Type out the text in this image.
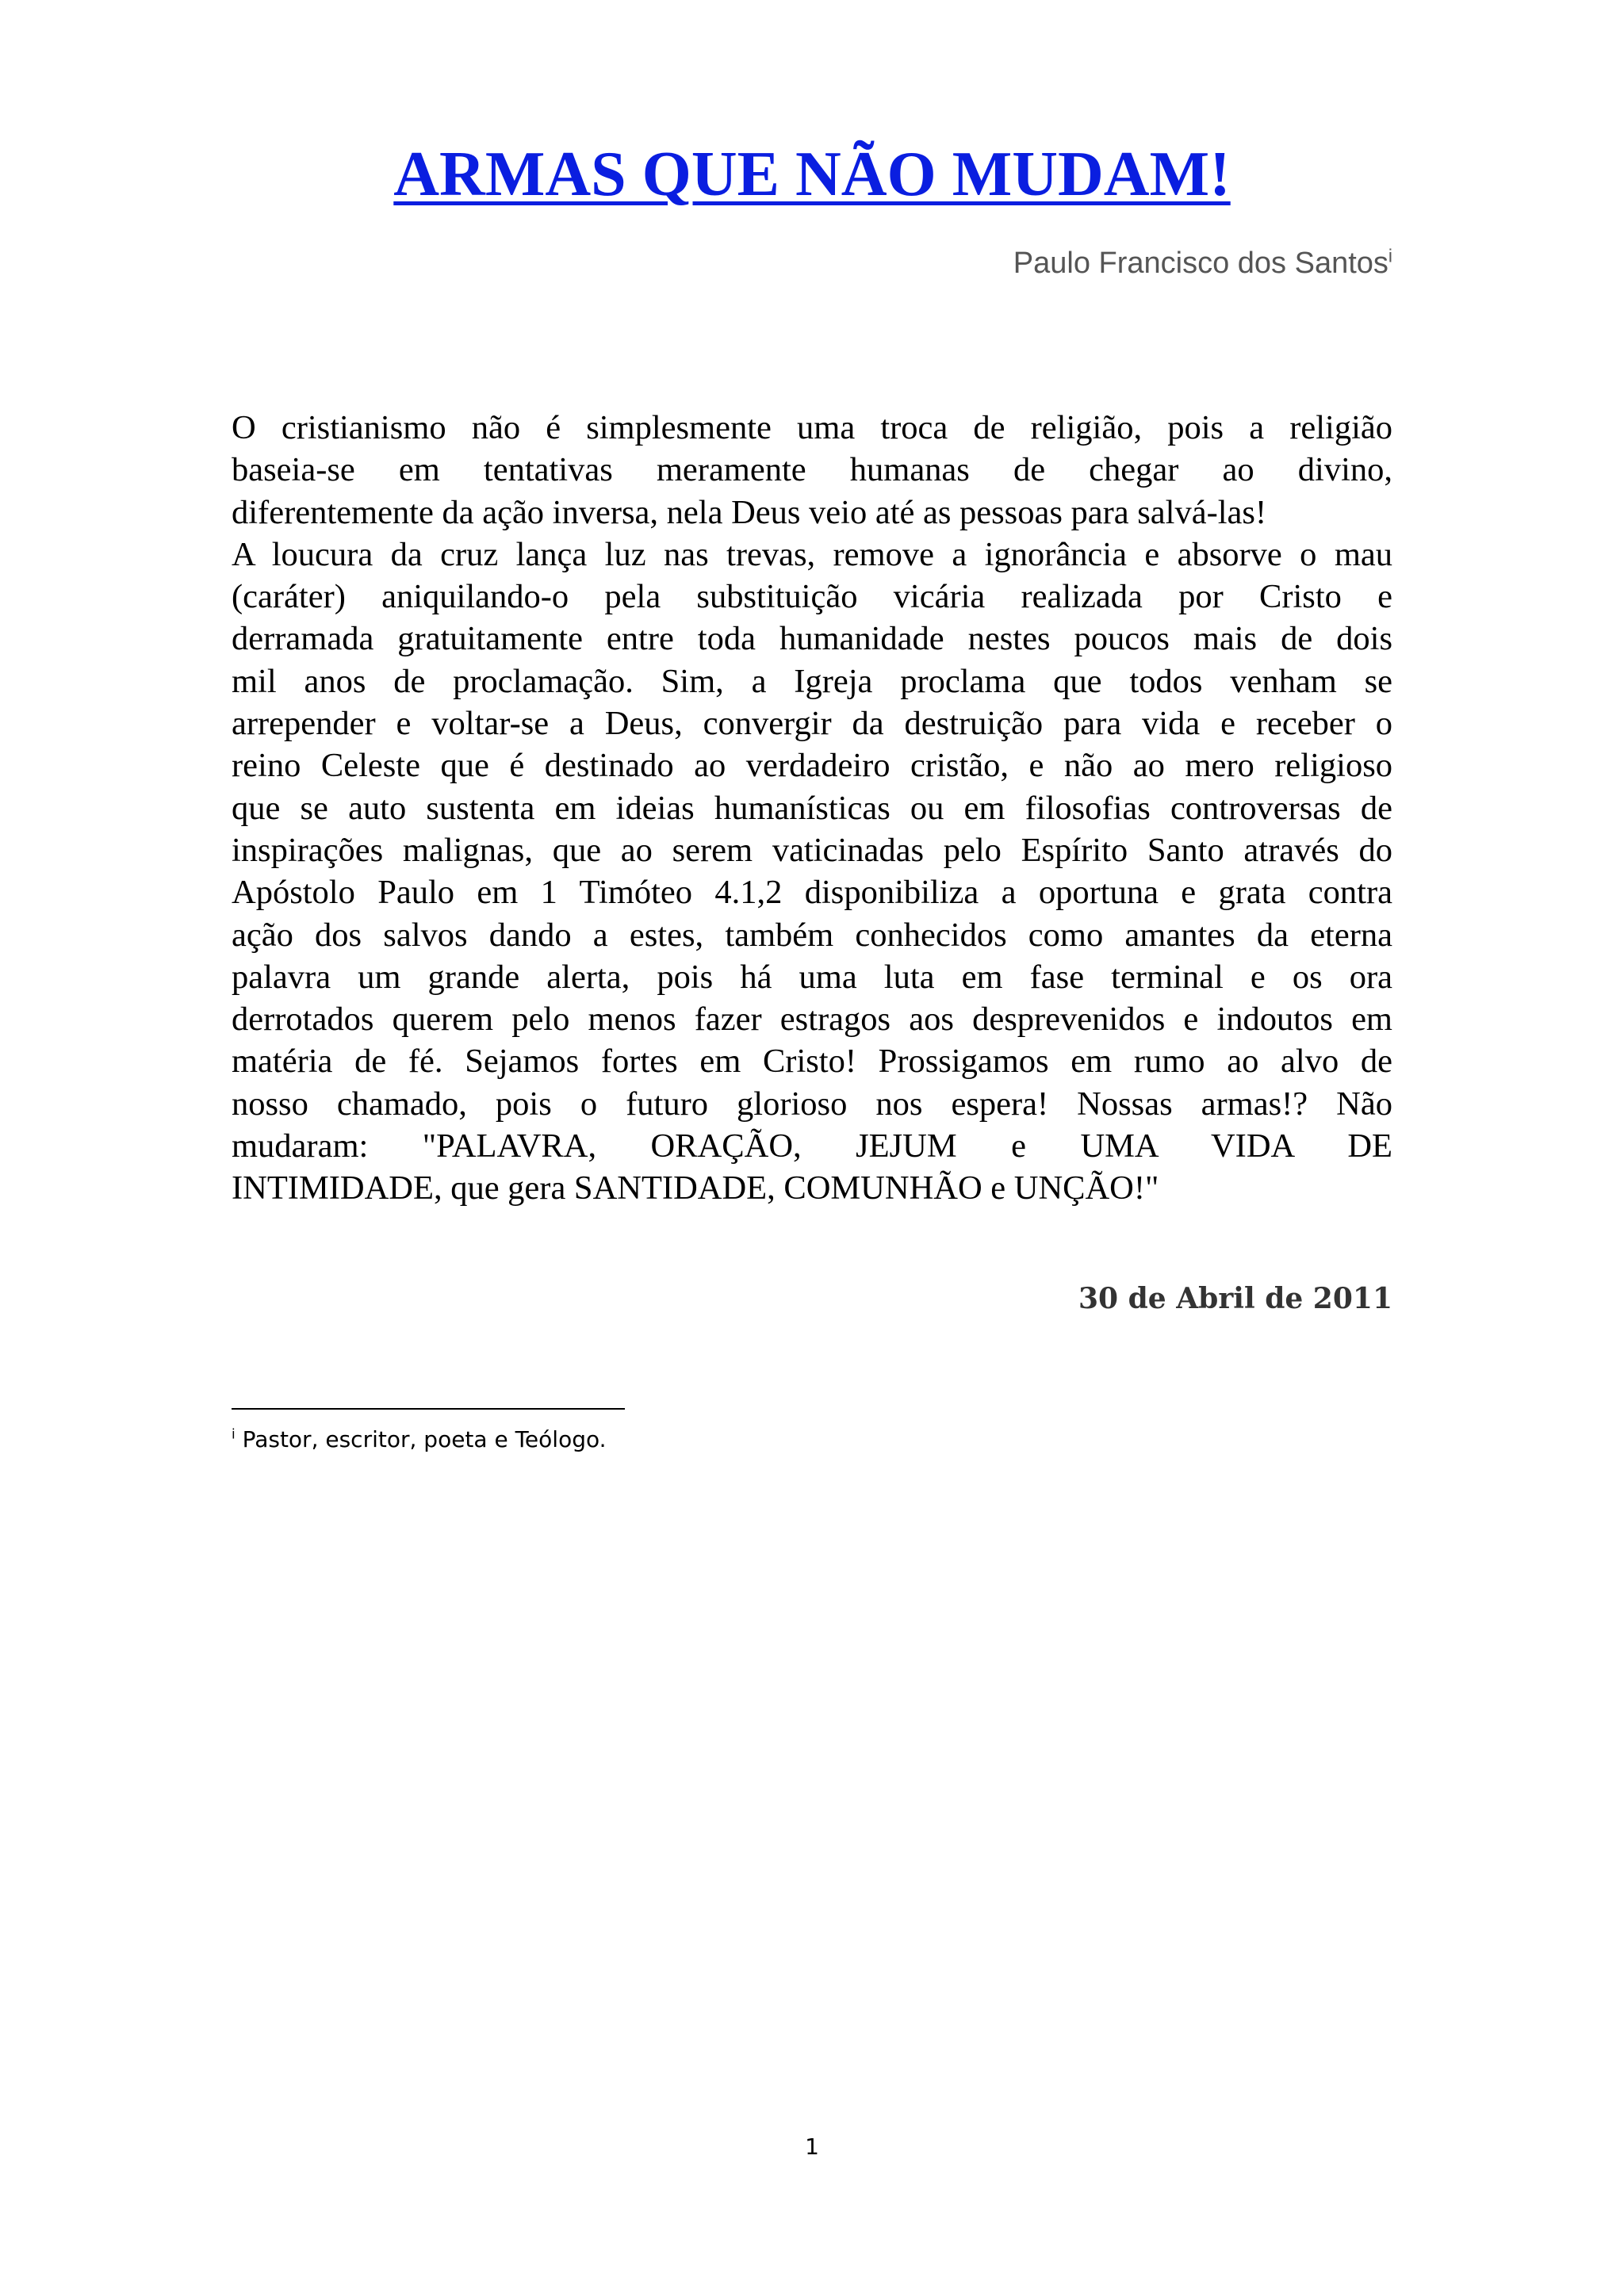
ARMAS QUE NÃO MUDAM!
Paulo Francisco dos Santos$^i$
O cristianismo não é simplesmente uma troca de religião, pois a religião
baseia-se em tentativas meramente humanas de chegar ao divino,
diferentemente da ação inversa, nela Deus veio até as pessoas para salvá-las!
A loucura da cruz lança luz nas trevas, remove a ignorância e absorve o mau
(caráter) aniquilando-o pela substituição vicária realizada por Cristo e
derramada gratuitamente entre toda humanidade nestes poucos mais de dois
mil anos de proclamação. Sim, a Igreja proclama que todos venham se
arrepender e voltar-se a Deus, convergir da destruição para vida e receber o
reino Celeste que é destinado ao verdadeiro cristão, e não ao mero religioso
que se auto sustenta em ideias humanísticas ou em filosofias controversas de
inspirações malignas, que ao serem vaticinadas pelo Espírito Santo através do
Apóstolo Paulo em 1 Timóteo 4.1,2 disponibiliza a oportuna e grata contra
ação dos salvos dando a estes, também conhecidos como amantes da eterna
palavra um grande alerta, pois há uma luta em fase terminal e os ora
derrotados querem pelo menos fazer estragos aos desprevenidos e indoutos em
matéria de fé. Sejamos fortes em Cristo! Prossigamos em rumo ao alvo de
nosso chamado, pois o futuro glorioso nos espera! Nossas armas!? Não
mudaram: "PALAVRA, ORAÇÃO, JEJUM e UMA VIDA DE
INTIMIDADE, que gera SANTIDADE, COMUNHÃO e UNÇÃO!"
30 de Abril de 2011
$^i$ Pastor, escritor, poeta e Teólogo.
1
